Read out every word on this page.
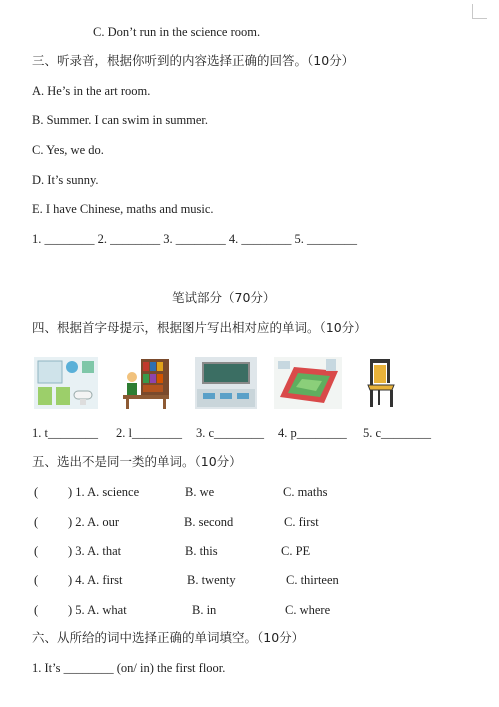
C. Don’t run in the science room.
三、听录音，根据你听到的内容选择正确的回答。（10分）
A. He’s in the art room.
B. Summer. I can swim in summer.
C. Yes, we do.
D. It’s sunny.
E. I have Chinese, maths and music.
1. ________ 2. ________ 3. ________ 4. ________ 5. ________
笔试部分（70分）
四、根据首字母提示，根据图片写出相对应的单词。（10分）
1. t________ 2. l________ 3. c________ 4. p________ 5. c________
五、选出不是同一类的单词。（10分）
( ) 1. A. science	B. we	C. maths
( ) 2. A. our	B. second	C. first
( ) 3. A. that	B. this	C. PE
( ) 4. A. first	B. twenty	C. thirteen
( ) 5. A. what	B. in	C. where
六、从所给的词中选择正确的单词填空。（10分）
1. It’s ________ (on/ in) the first floor.
